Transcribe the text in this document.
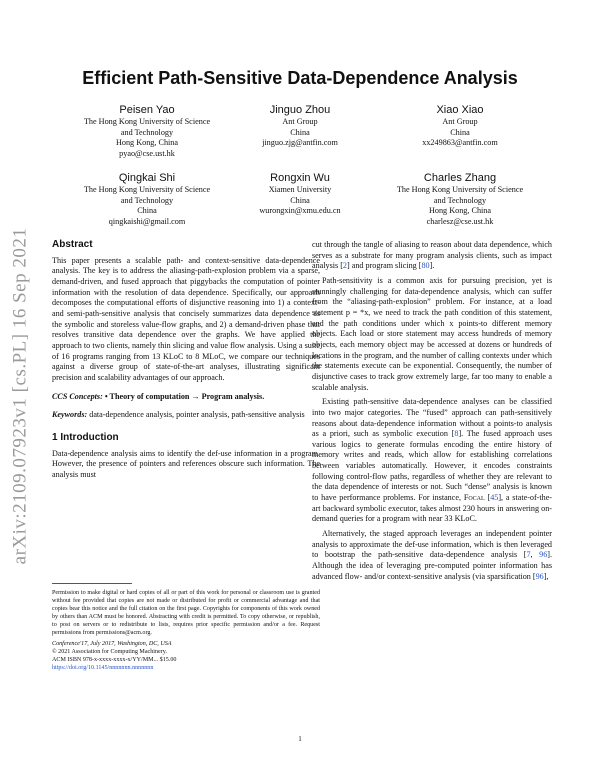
arXiv:2109.07923v1 [cs.PL] 16 Sep 2021
Efficient Path-Sensitive Data-Dependence Analysis
Peisen Yao
The Hong Kong University of Science
and Technology
Hong Kong, China
pyao@cse.ust.hk
Jinguo Zhou
Ant Group
China
jinguo.zjg@antfin.com
Xiao Xiao
Ant Group
China
xx249863@antfin.com
Qingkai Shi
The Hong Kong University of Science
and Technology
China
qingkaishi@gmail.com
Rongxin Wu
Xiamen University
China
wurongxin@xmu.edu.cn
Charles Zhang
The Hong Kong University of Science
and Technology
Hong Kong, China
charlesz@cse.ust.hk
Abstract

This paper presents a scalable path- and context-sensitive data-dependence analysis. The key is to address the aliasing-path-explosion problem via a sparse, demand-driven, and fused approach that piggybacks the computation of pointer information with the resolution of data dependence. Specifically, our approach decomposes the computational efforts of disjunctive reasoning into 1) a context- and semi-path-sensitive analysis that concisely summarizes data dependence as the symbolic and storeless value-flow graphs, and 2) a demand-driven phase that resolves transitive data dependence over the graphs. We have applied the approach to two clients, namely thin slicing and value flow analysis. Using a suite of 16 programs ranging from 13 KLoC to 8 MLoC, we compare our techniques against a diverse group of state-of-the-art analyses, illustrating significant precision and scalability advantages of our approach.

CCS Concepts: • Theory of computation → Program analysis.

Keywords: data-dependence analysis, pointer analysis, path-sensitive analysis

1 Introduction

Data-dependence analysis aims to identify the def-use information in a program. However, the presence of pointers and references obscure such information. The analysis must

Permission to make digital or hard copies of all or part of this work for personal or classroom use is granted without fee provided that copies are not made or distributed for profit or commercial advantage and that copies bear this notice and the full citation on the first page. Copyrights for components of this work owned by others than ACM must be honored. Abstracting with credit is permitted. To copy otherwise, or republish, to post on servers or to redistribute to lists, requires prior specific permission and/or a fee. Request permissions from permissions@acm.org.
Conference'17, July 2017, Washington, DC, USA
© 2021 Association for Computing Machinery.
ACM ISBN 978-x-xxxx-xxxx-x/YY/MM... $15.00
https://doi.org/10.1145/nnnnnnn.nnnnnnn

cut through the tangle of aliasing to reason about data dependence, which serves as a substrate for many program analysis clients, such as impact analysis [2] and program slicing [80].

Path-sensitivity is a common axis for pursuing precision, yet is stunningly challenging for data-dependence analysis, which can suffer from the “aliasing-path-explosion” problem. For instance, at a load statement p = *x, we need to track the path condition of this statement, and the path conditions under which x points-to different memory objects. Each load or store statement may access hundreds of memory objects, each memory object may be accessed at dozens or hundreds of locations in the program, and the number of calling contexts under which the statements execute can be exponential. Consequently, the number of disjunctive cases to track grow extremely large, far too many to enable a scalable analysis.

Existing path-sensitive data-dependence analyses can be classified into two major categories. The “fused” approach can path-sensitively reasons about data-dependence information without a points-to analysis as a priori, such as symbolic execution [8]. The fused approach uses various logics to generate formulas encoding the entire history of memory writes and reads, which allow for establishing correlations between variables automatically. However, it encodes constraints following control-flow paths, regardless of whether they are relevant to the data dependence of interests or not. Such “dense” analysis is known to have performance problems. For instance, Focal [45], a state-of-the-art backward symbolic executor, takes almost 230 hours in answering on-demand queries for a program with near 33 KLoC.

Alternatively, the staged approach leverages an independent pointer analysis to approximate the def-use information, which is then leveraged to bootstrap the path-sensitive data-dependence analysis [7, 96]. Although the idea of leveraging pre-computed pointer information has advanced flow- and/or context-sensitive analysis (via sparsification [96],

1
